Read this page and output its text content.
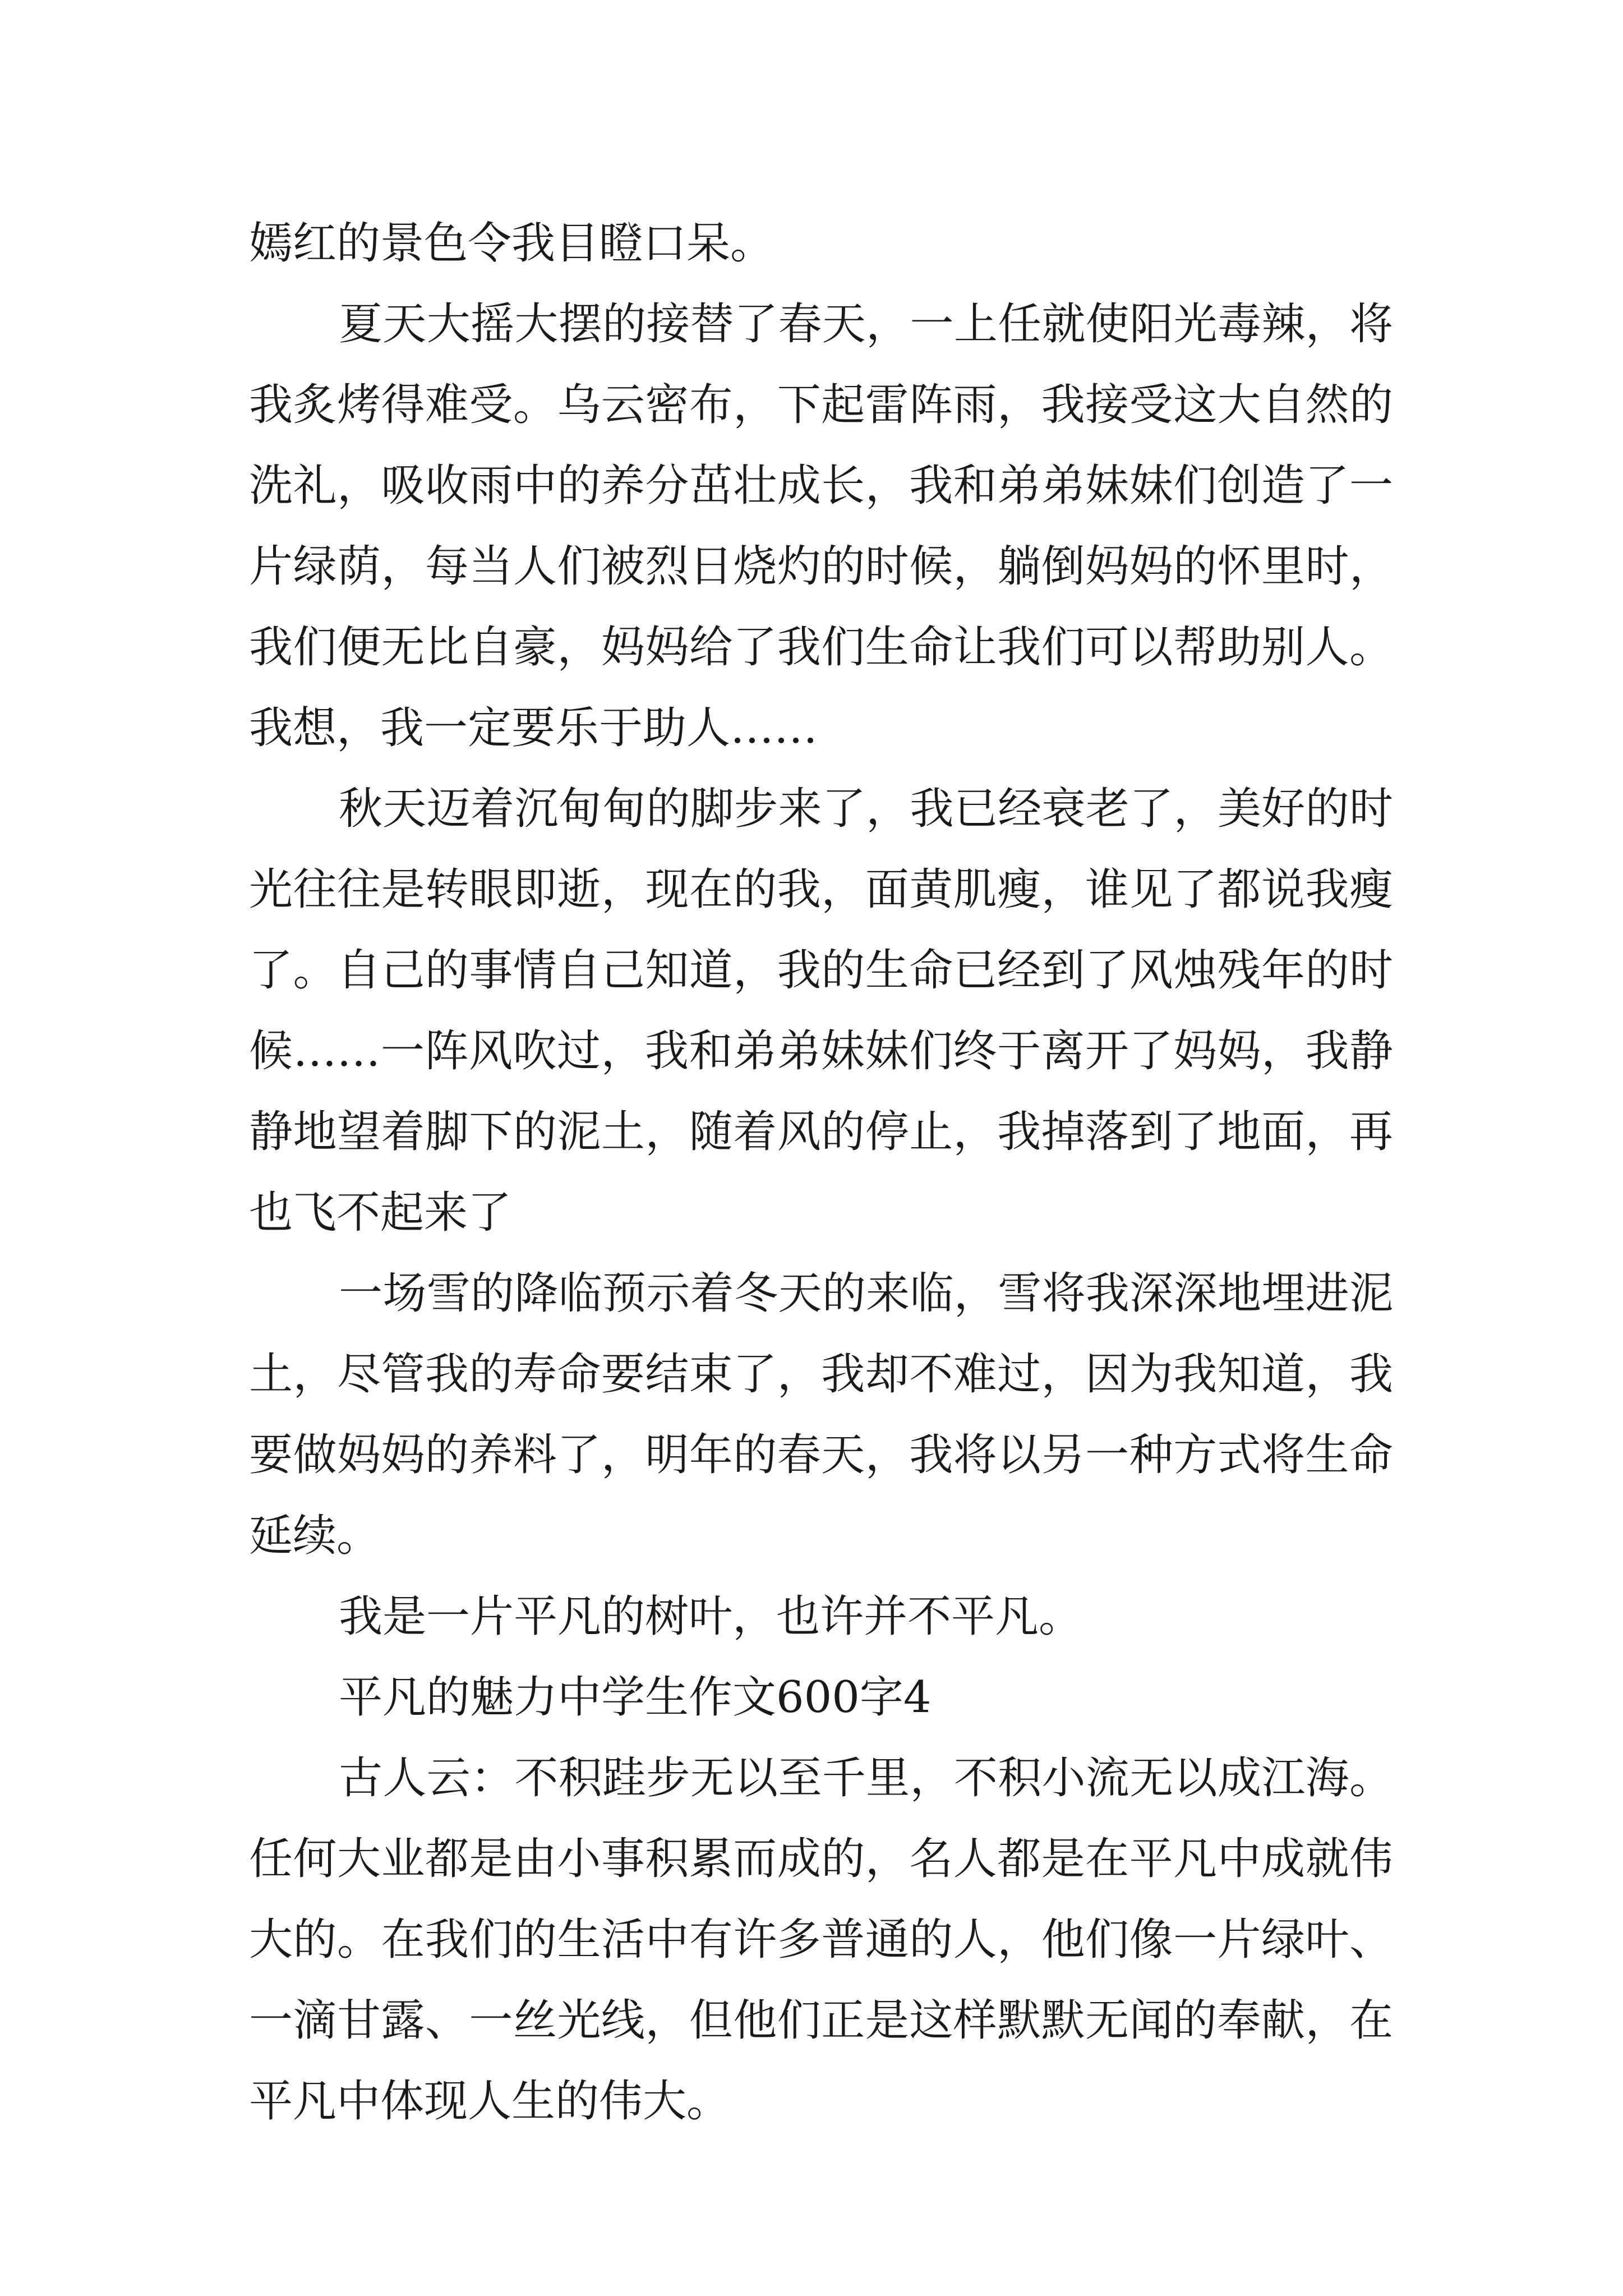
嫣红的景色令我目瞪口呆。

夏天大摇大摆的接替了春天，一上任就使阳光毒辣，将我炙烤得难受。乌云密布，下起雷阵雨，我接受这大自然的洗礼，吸收雨中的养分茁壮成长，我和弟弟妹妹们创造了一片绿荫，每当人们被烈日烧灼的时候，躺倒妈妈的怀里时，我们便无比自豪，妈妈给了我们生命让我们可以帮助别人。我想，我一定要乐于助人……

秋天迈着沉甸甸的脚步来了，我已经衰老了，美好的时光往往是转眼即逝，现在的我，面黄肌瘦，谁见了都说我瘦了。自己的事情自己知道，我的生命已经到了风烛残年的时候……一阵风吹过，我和弟弟妹妹们终于离开了妈妈，我静静地望着脚下的泥土，随着风的停止，我掉落到了地面，再也飞不起来了

一场雪的降临预示着冬天的来临，雪将我深深地埋进泥土，尽管我的寿命要结束了，我却不难过，因为我知道，我要做妈妈的养料了，明年的春天，我将以另一种方式将生命延续。

我是一片平凡的树叶，也许并不平凡。

平凡的魅力中学生作文600字4

古人云：不积跬步无以至千里，不积小流无以成江海。任何大业都是由小事积累而成的，名人都是在平凡中成就伟大的。在我们的生活中有许多普通的人，他们像一片绿叶、一滴甘露、一丝光线，但他们正是这样默默无闻的奉献，在平凡中体现人生的伟大。
